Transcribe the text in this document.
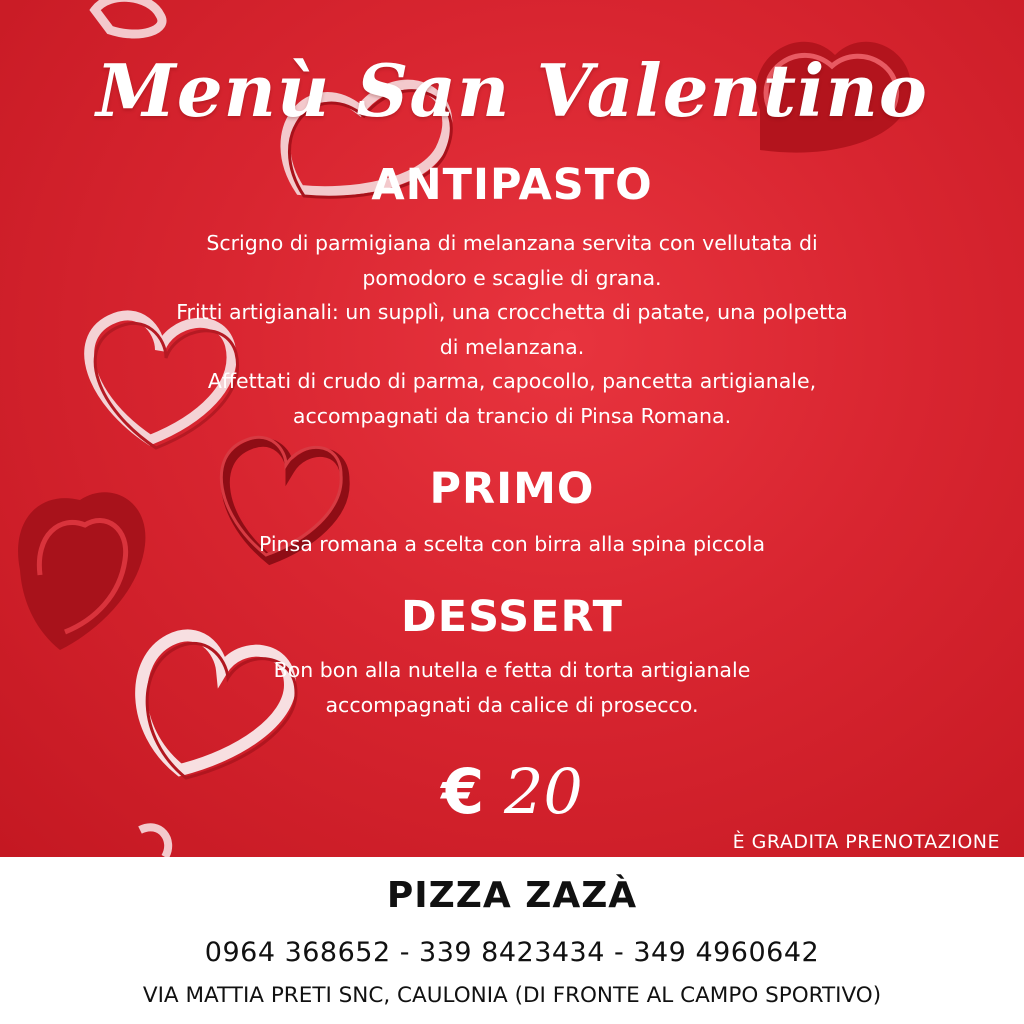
Menù San Valentino
ANTIPASTO
Scrigno di parmigiana di melanzana servita con vellutata di
pomodoro e scaglie di grana.
Fritti artigianali: un supplì, una crocchetta di patate, una polpetta
di melanzana.
Affettati di crudo di parma, capocollo, pancetta artigianale,
accompagnati da trancio di Pinsa Romana.
PRIMO
Pinsa romana a scelta con birra alla spina piccola
DESSERT
Bon bon alla nutella e fetta di torta artigianale
accompagnati da calice di prosecco.
€ 20
È GRADITA PRENOTAZIONE
PIZZA ZAZÀ
0964 368652 - 339 8423434 - 349 4960642
VIA MATTIA PRETI SNC, CAULONIA (DI FRONTE AL CAMPO SPORTIVO)
